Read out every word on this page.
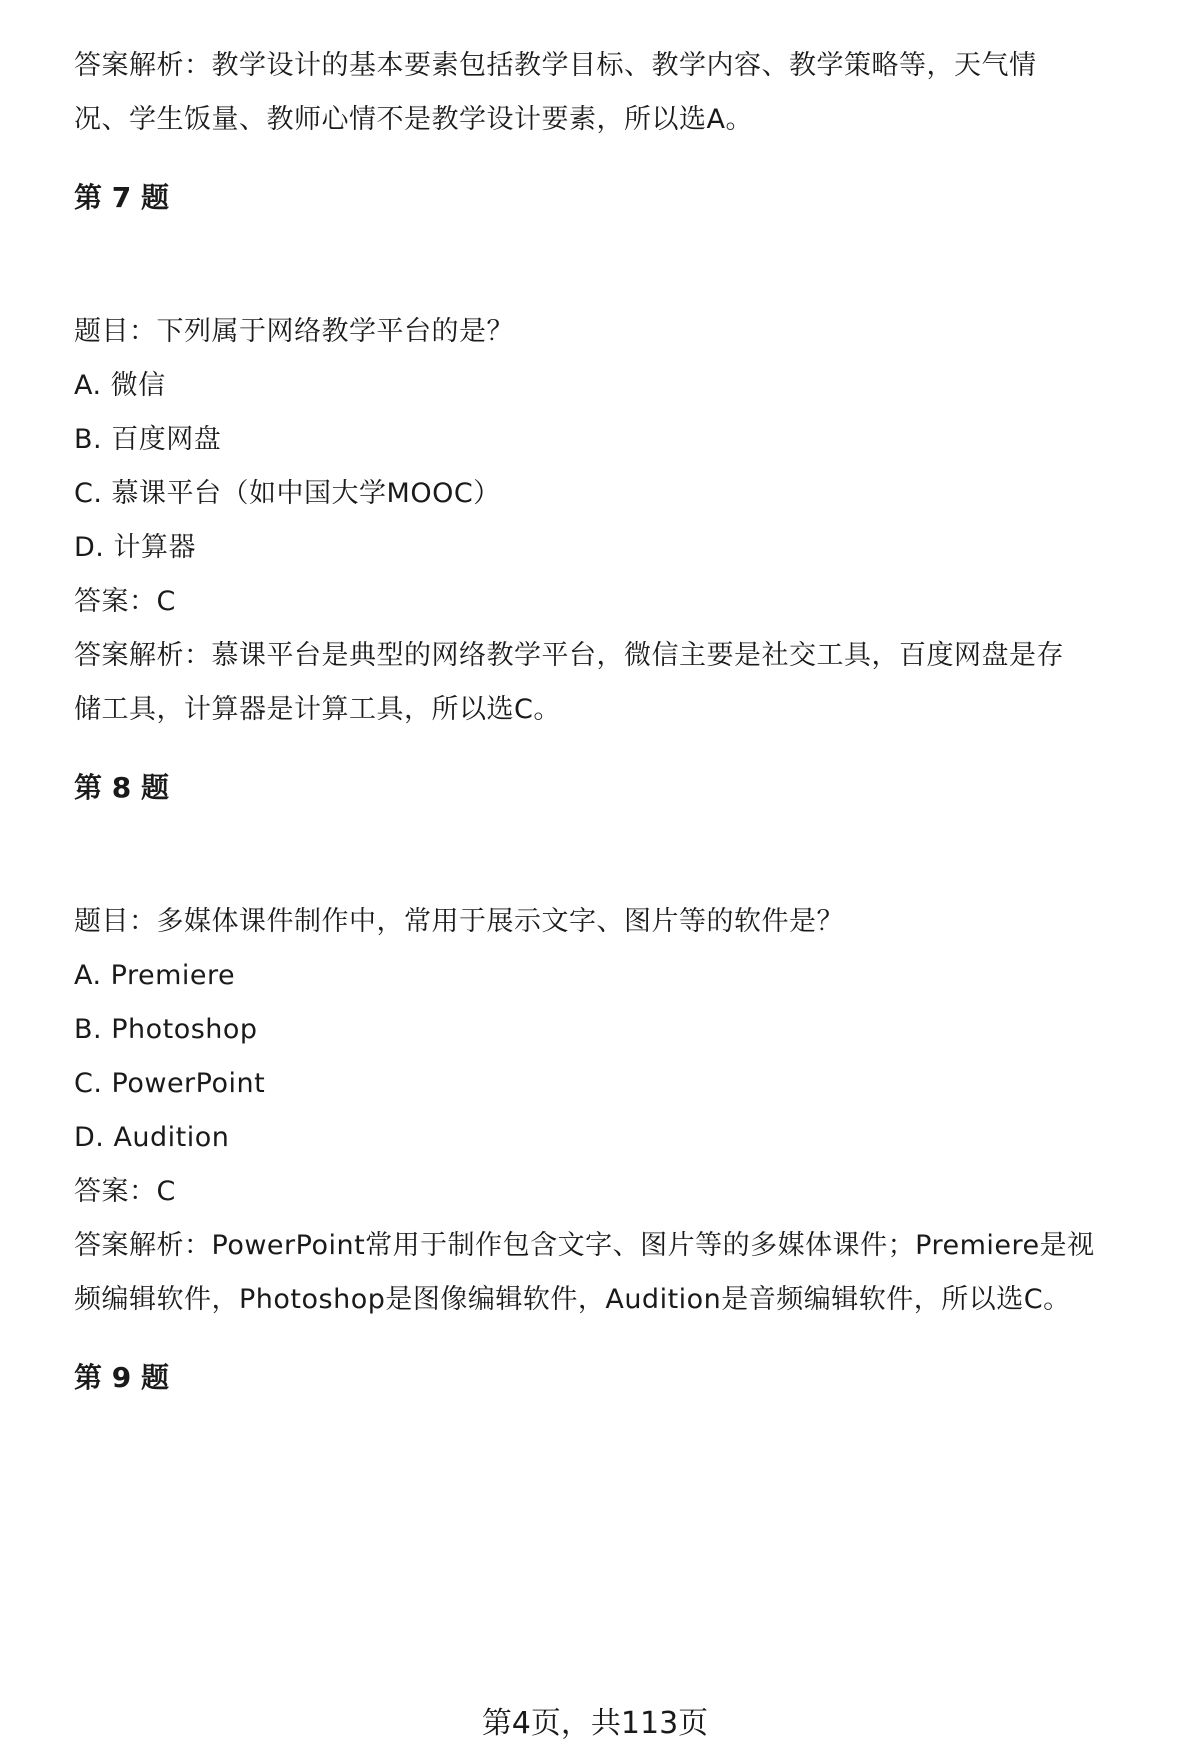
答案解析：教学设计的基本要素包括教学目标、教学内容、教学策略等，天气情
况、学生饭量、教师心情不是教学设计要素，所以选A。
第 7 题
题目：下列属于网络教学平台的是？
A. 微信
B. 百度网盘
C. 慕课平台（如中国大学MOOC）
D. 计算器
答案：C
答案解析：慕课平台是典型的网络教学平台，微信主要是社交工具，百度网盘是存
储工具，计算器是计算工具，所以选C。
第 8 题
题目：多媒体课件制作中，常用于展示文字、图片等的软件是？
A. Premiere
B. Photoshop
C. PowerPoint
D. Audition
答案：C
答案解析：PowerPoint常用于制作包含文字、图片等的多媒体课件；Premiere是视
频编辑软件，Photoshop是图像编辑软件，Audition是音频编辑软件，所以选C。
第 9 题
第4页，共113页
